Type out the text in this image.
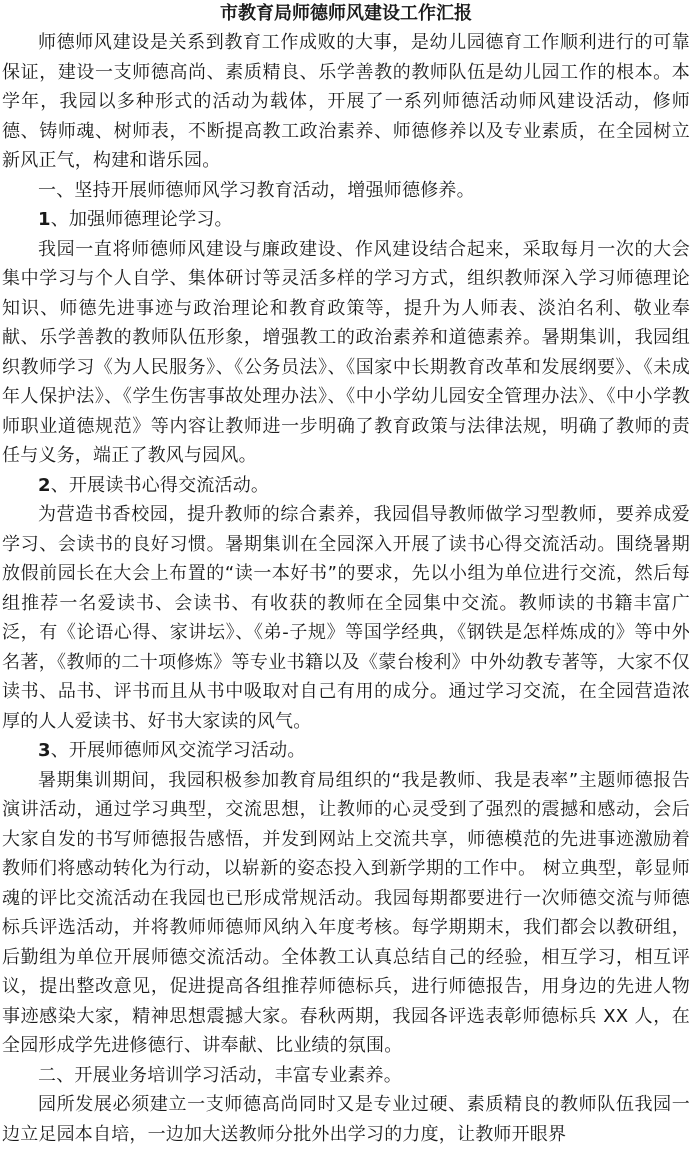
市教育局师德师风建设工作汇报

师德师风建设是关系到教育工作成败的大事，是幼儿园德育工作顺利进行的可靠保证，建设一支师德高尚、素质精良、乐学善教的教师队伍是幼儿园工作的根本。本学年，我园以多种形式的活动为载体，开展了一系列师德活动师风建设活动，修师德、铸师魂、树师表，不断提高教工政治素养、师德修养以及专业素质，在全园树立新风正气，构建和谐乐园。

一、坚持开展师德师风学习教育活动，增强师德修养。

1、加强师德理论学习。

我园一直将师德师风建设与廉政建设、作风建设结合起来，采取每月一次的大会集中学习与个人自学、集体研讨等灵活多样的学习方式，组织教师深入学习师德理论知识、师德先进事迹与政治理论和教育政策等，提升为人师表、淡泊名利、敬业奉献、乐学善教的教师队伍形象，增强教工的政治素养和道德素养。暑期集训，我园组织教师学习《为人民服务》、《公务员法》、《国家中长期教育改革和发展纲要》、《未成年人保护法》、《学生伤害事故处理办法》、《中小学幼儿园安全管理办法》、《中小学教师职业道德规范》等内容让教师进一步明确了教育政策与法律法规，明确了教师的责任与义务，端正了教风与园风。

2、开展读书心得交流活动。

为营造书香校园，提升教师的综合素养，我园倡导教师做学习型教师，要养成爱学习、会读书的良好习惯。暑期集训在全园深入开展了读书心得交流活动。围绕暑期放假前园长在大会上布置的“读一本好书”的要求，先以小组为单位进行交流，然后每组推荐一名爱读书、会读书、有收获的教师在全园集中交流。教师读的书籍丰富广泛，有《论语心得、家讲坛》、《弟-子规》等国学经典，《钢铁是怎样炼成的》等中外名著，《教师的二十项修炼》等专业书籍以及《蒙台梭利》中外幼教专著等，大家不仅读书、品书、评书而且从书中吸取对自己有用的成分。通过学习交流，在全园营造浓厚的人人爱读书、好书大家读的风气。

3、开展师德师风交流学习活动。

暑期集训期间，我园积极参加教育局组织的“我是教师、我是表率”主题师德报告演讲活动，通过学习典型，交流思想，让教师的心灵受到了强烈的震撼和感动，会后大家自发的书写师德报告感悟，并发到网站上交流共享，师德模范的先进事迹激励着教师们将感动转化为行动，以崭新的姿态投入到新学期的工作中。 树立典型，彰显师魂的评比交流活动在我园也已形成常规活动。我园每期都要进行一次师德交流与师德标兵评选活动，并将教师师德师风纳入年度考核。每学期期末，我们都会以教研组，后勤组为单位开展师德交流活动。全体教工认真总结自己的经验，相互学习，相互评议，提出整改意见，促进提高各组推荐师德标兵，进行师德报告，用身边的先进人物事迹感染大家，精神思想震撼大家。春秋两期，我园各评选表彰师德标兵 XX 人，在全园形成学先进修德行、讲奉献、比业绩的氛围。

二、开展业务培训学习活动，丰富专业素养。

园所发展必须建立一支师德高尚同时又是专业过硬、素质精良的教师队伍我园一边立足园本自培，一边加大送教师分批外出学习的力度，让教师开眼界
